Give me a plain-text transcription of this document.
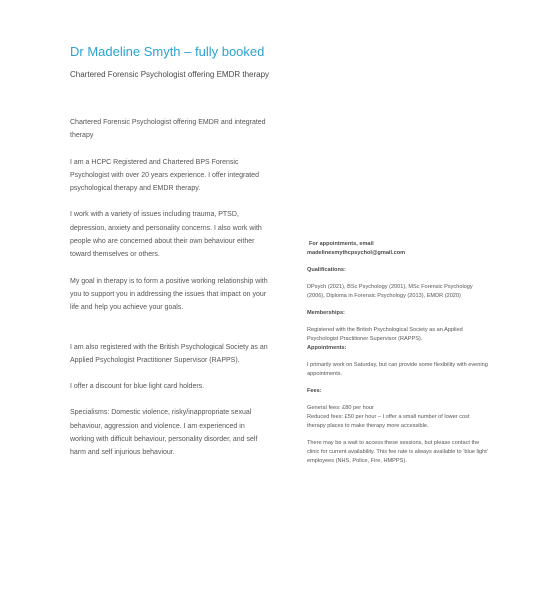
Dr Madeline Smyth – fully booked

Chartered Forensic Psychologist offering EMDR therapy

Chartered Forensic Psychologist offering EMDR and integrated therapy

I am a HCPC Registered and Chartered BPS Forensic Psychologist with over 20 years experience. I offer integrated psychological therapy and EMDR therapy.

I work with a variety of issues including trauma, PTSD, depression, anxiety and personality concerns. I also work with people who are concerned about their own behaviour either toward themselves or others.

My goal in therapy is to form a positive working relationship with you to support you in addressing the issues that impact on your life and help you achieve your goals.

I am also registered with the British Psychological Society as an Applied Psychologist Practitioner Supervisor (RAPPS).

I offer a discount for blue light card holders.

Specialisms: Domestic violence, risky/inappropriate sexual behaviour, aggression and violence. I am experienced in working with difficult behaviour, personality disorder, and self harm and self injurious behaviour.

For appointments, email

madelinesmythcpsychol@gmail.com

Qualifications:

DPsych (2021), BSc Psychology (2001), MSc Forensic Psychology (2006), Diploma in Forensic Psychology (2013), EMDR (2020)

Memberships:

Registered with the British Psychological Society as an Applied Psychologist Practitioner Supervisor (RAPPS).

Appointments:

I primarily work on Saturday, but can provide some flexibility with evening appointments.

Fees:

General fees: £80 per hour

Reduced fees: £50 per hour – I offer a small number of lower cost therapy places to make therapy more accessible.

There may be a wait to access these sessions, but please contact the clinic for current availability. This fee rate is always available to ‘blue light’ employees (NHS, Police, Fire, HMPPS).
